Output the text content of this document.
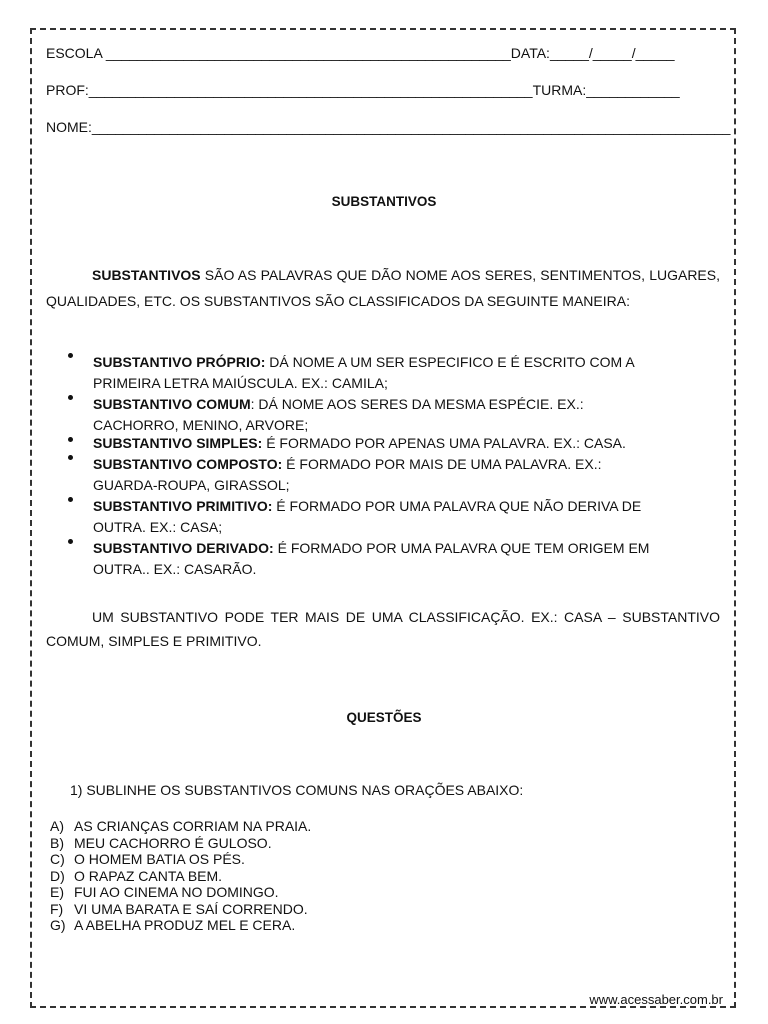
ESCOLA ____________________________________________________DATA:_____/_____/_____
PROF:_________________________________________________________TURMA:____________
NOME:__________________________________________________________________________________
SUBSTANTIVOS
SUBSTANTIVOS SÃO AS PALAVRAS QUE DÃO NOME AOS SERES, SENTIMENTOS, LUGARES, QUALIDADES, ETC. OS SUBSTANTIVOS SÃO CLASSIFICADOS DA SEGUINTE MANEIRA:
SUBSTANTIVO PRÓPRIO: DÁ NOME A UM SER ESPECIFICO E É ESCRITO COM A
PRIMEIRA LETRA MAIÚSCULA. EX.: CAMILA;
SUBSTANTIVO COMUM: DÁ NOME AOS SERES DA MESMA ESPÉCIE. EX.:
CACHORRO, MENINO, ARVORE;
SUBSTANTIVO SIMPLES: É FORMADO POR APENAS UMA PALAVRA. EX.: CASA.
SUBSTANTIVO COMPOSTO: É FORMADO POR MAIS DE UMA PALAVRA. EX.:
GUARDA-ROUPA, GIRASSOL;
SUBSTANTIVO PRIMITIVO: É FORMADO POR UMA PALAVRA QUE NÃO DERIVA DE
OUTRA. EX.: CASA;
SUBSTANTIVO DERIVADO: É FORMADO POR UMA PALAVRA QUE TEM ORIGEM EM
OUTRA.. EX.: CASARÃO.
UM SUBSTANTIVO PODE TER MAIS DE UMA CLASSIFICAÇÃO. EX.: CASA – SUBSTANTIVO COMUM, SIMPLES E PRIMITIVO.
QUESTÕES
1) SUBLINHE OS SUBSTANTIVOS COMUNS NAS ORAÇÕES ABAIXO:
A) AS CRIANÇAS CORRIAM NA PRAIA.
B) MEU CACHORRO É GULOSO.
C) O HOMEM BATIA OS PÉS.
D) O RAPAZ CANTA BEM.
E) FUI AO CINEMA NO DOMINGO.
F) VI UMA BARATA E SAÍ CORRENDO.
G) A ABELHA PRODUZ MEL E CERA.
www.acessaber.com.br
